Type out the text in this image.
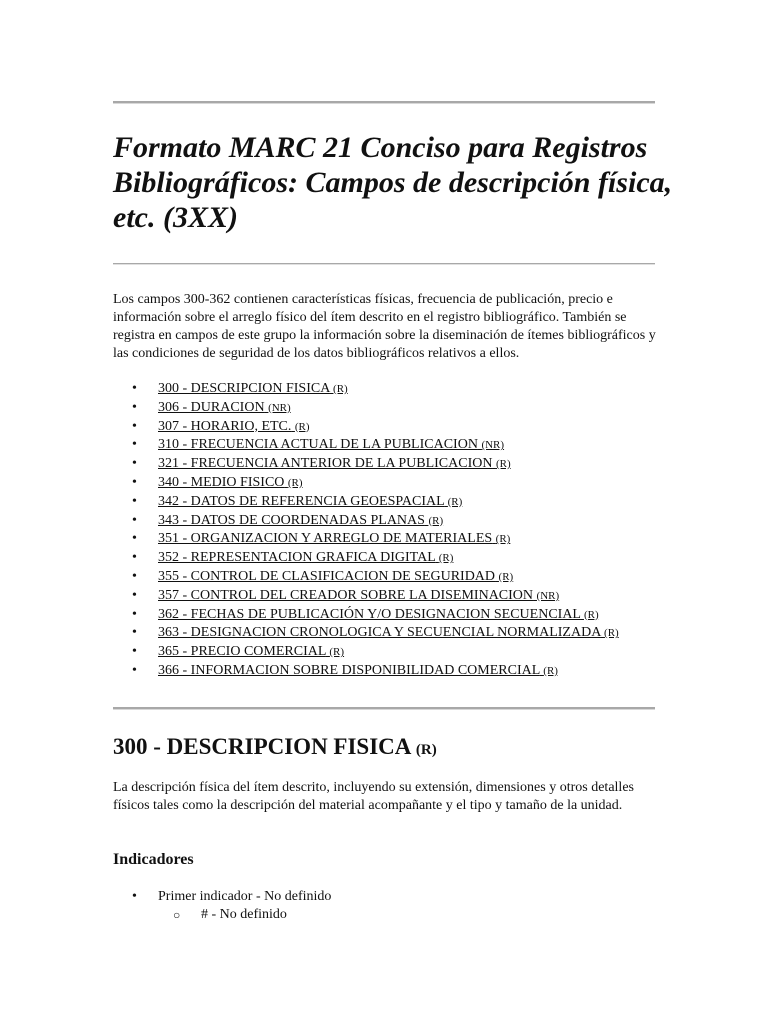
Formato MARC 21 Conciso para Registros Bibliográficos: Campos de descripción física, etc. (3XX)

Los campos 300-362 contienen características físicas, frecuencia de publicación, precio e información sobre el arreglo físico del ítem descrito en el registro bibliográfico. También se registra en campos de este grupo la información sobre la diseminación de ítemes bibliográficos y las condiciones de seguridad de los datos bibliográficos relativos a ellos.

• 300 - DESCRIPCION FISICA (R)
• 306 - DURACION (NR)
• 307 - HORARIO, ETC. (R)
• 310 - FRECUENCIA ACTUAL DE LA PUBLICACION (NR)
• 321 - FRECUENCIA ANTERIOR DE LA PUBLICACION (R)
• 340 - MEDIO FISICO (R)
• 342 - DATOS DE REFERENCIA GEOESPACIAL (R)
• 343 - DATOS DE COORDENADAS PLANAS (R)
• 351 - ORGANIZACION Y ARREGLO DE MATERIALES (R)
• 352 - REPRESENTACION GRAFICA DIGITAL (R)
• 355 - CONTROL DE CLASIFICACION DE SEGURIDAD (R)
• 357 - CONTROL DEL CREADOR SOBRE LA DISEMINACION (NR)
• 362 - FECHAS DE PUBLICACIÓN Y/O DESIGNACION SECUENCIAL (R)
• 363 - DESIGNACION CRONOLOGICA Y SECUENCIAL NORMALIZADA (R)
• 365 - PRECIO COMERCIAL (R)
• 366 - INFORMACION SOBRE DISPONIBILIDAD COMERCIAL (R)
300 - DESCRIPCION FISICA (R)

La descripción física del ítem descrito, incluyendo su extensión, dimensiones y otros detalles físicos tales como la descripción del material acompañante y el tipo y tamaño de la unidad.

Indicadores
• Primer indicador - No definido
○ # - No definido
